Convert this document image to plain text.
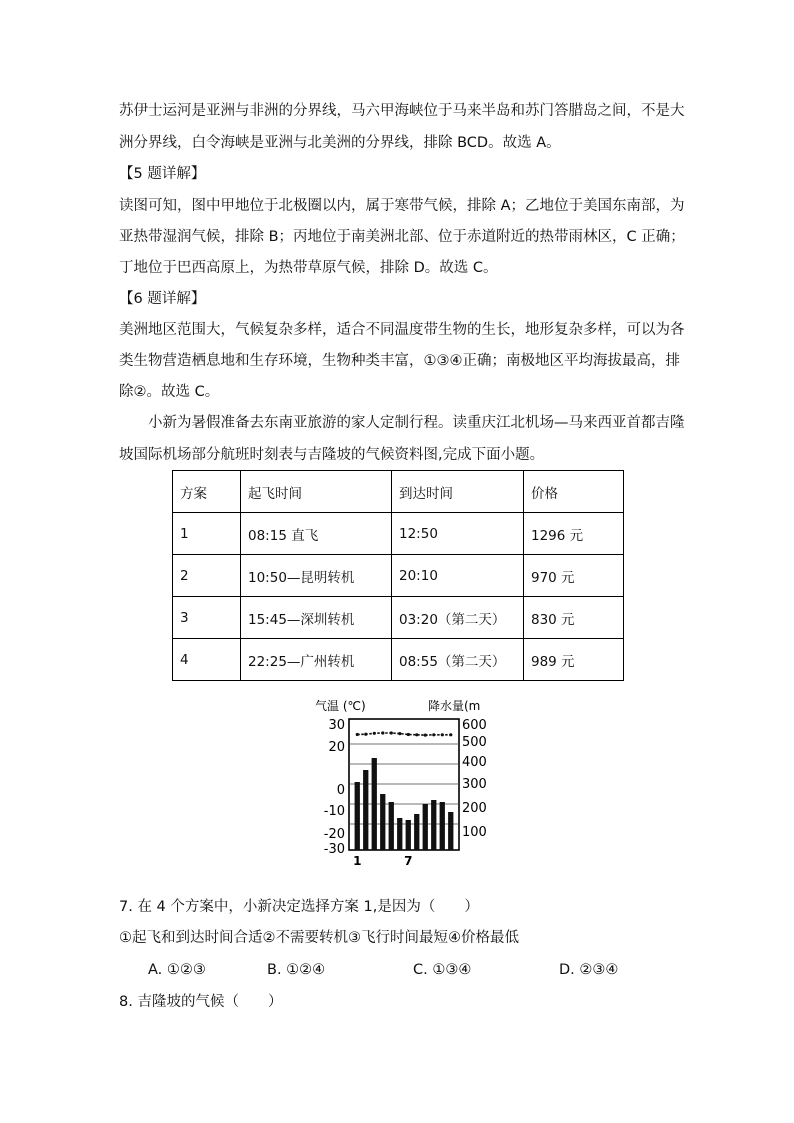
苏伊士运河是亚洲与非洲的分界线，马六甲海峡位于马来半岛和苏门答腊岛之间，不是大
洲分界线，白令海峡是亚洲与北美洲的分界线，排除 BCD。故选 A。
【5 题详解】
读图可知，图中甲地位于北极圈以内，属于寒带气候，排除 A；乙地位于美国东南部，为
亚热带湿润气候，排除 B；丙地位于南美洲北部、位于赤道附近的热带雨林区，C 正确；
丁地位于巴西高原上，为热带草原气候，排除 D。故选 C。
【6 题详解】
美洲地区范围大，气候复杂多样，适合不同温度带生物的生长，地形复杂多样，可以为各
类生物营造栖息地和生存环境，生物种类丰富，①③④正确；南极地区平均海拔最高，排
除②。故选 C。
小新为暑假准备去东南亚旅游的家人定制行程。读重庆江北机场—马来西亚首都吉隆
坡国际机场部分航班时刻表与吉隆坡的气候资料图,完成下面小题。
方案	起飞时间	到达时间	价格
1	08:15 直飞	12:50	1296 元
2	10:50—昆明转机	20:10	970 元
3	15:45—深圳转机	03:20（第二天）	830 元
4	22:25—广州转机	08:55（第二天）	989 元
气温 (℃)	降水量(m
30
20
0
-10
-20
-30
600
500
400
300
200
100
1	7
7. 在 4 个方案中，小新决定选择方案 1,是因为（　　）
①起飞和到达时间合适②不需要转机③飞行时间最短④价格最低
A. ①②③	B. ①②④	C. ①③④	D. ②③④
8. 吉隆坡的气候（　　）
